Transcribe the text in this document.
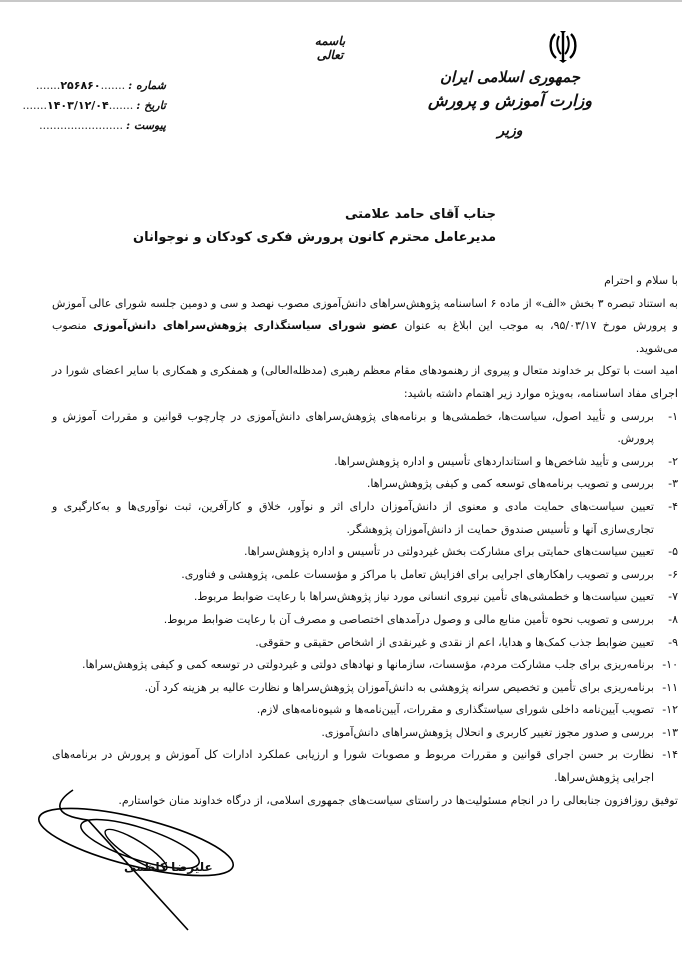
باسمه تعالی
جمهوری اسلامی ایران
وزارت آموزش و پرورش
وزیر
شماره :
.......
۲۵۶۸۶۰
.......
تاریخ :
.......
۱۴۰۳/۱۲/۰۴
.......
پیوست :
........................
جناب آقای حامد علامتی
مدیرعامل محترم کانون پرورش فکری کودکان و نوجوانان

با سلام و احترام

به استناد تبصره ۳ بخش «الف» از ماده ۶ اساسنامه پژوهش‌سراهای دانش‌آموزی مصوب نهصد و سی و دومین جلسه شورای عالی آموزش و پرورش مورخ ۹۵/۰۳/۱۷، به موجب این ابلاغ به عنوان عضو شورای سیاستگذاری پژوهش‌سراهای دانش‌آموزی منصوب می‌شوید.

امید است با توکل بر خداوند متعال و پیروی از رهنمودهای مقام معظم رهبری (مدظله‌العالی) و همفکری و همکاری با سایر اعضای شورا در اجرای مفاد اساسنامه، به‌ویژه موارد زیر اهتمام داشته باشید:

۱-
بررسی و تأیید اصول، سیاست‌ها، خطمشی‌ها و برنامه‌های پژوهش‌سراهای دانش‌آموزی در چارچوب قوانین و مقررات آموزش و پرورش.
۲-
بررسی و تأیید شاخص‌ها و استانداردهای تأسیس و اداره پژوهش‌سراها.
۳-
بررسی و تصویب برنامه‌های توسعه کمی و کیفی پژوهش‌سراها.
۴-
تعیین سیاست‌های حمایت مادی و معنوی از دانش‌آموزان دارای اثر و نوآور، خلاق و کارآفرین، ثبت نوآوری‌ها و به‌کارگیری و تجاری‌سازی آنها و تأسیس صندوق حمایت از دانش‌آموزان پژوهشگر.
۵-
تعیین سیاست‌های حمایتی برای مشارکت بخش غیردولتی در تأسیس و اداره پژوهش‌سراها.
۶-
بررسی و تصویب راهکارهای اجرایی برای افزایش تعامل با مراکز و مؤسسات علمی، پژوهشی و فناوری.
۷-
تعیین سیاست‌ها و خطمشی‌های تأمین نیروی انسانی مورد نیاز پژوهش‌سراها با رعایت ضوابط مربوط.
۸-
بررسی و تصویب نحوه تأمین منابع مالی و وصول درآمدهای اختصاصی و مصرف آن با رعایت ضوابط مربوط.
۹-
تعیین ضوابط جذب کمک‌ها و هدایا، اعم از نقدی و غیرنقدی از اشخاص حقیقی و حقوقی.
۱۰-
برنامه‌ریزی برای جلب مشارکت مردم، مؤسسات، سازمانها و نهادهای دولتی و غیردولتی در توسعه کمی و کیفی پژوهش‌سراها.
۱۱-
برنامه‌ریزی برای تأمین و تخصیص سرانه پژوهشی به دانش‌آموزان پژوهش‌سراها و نظارت عالیه بر هزینه کرد آن.
۱۲-
تصویب آیین‌نامه داخلی شورای سیاستگذاری و مقررات، آیین‌نامه‌ها و شیوه‌نامه‌های لازم.
۱۳-
بررسی و صدور مجوز تغییر کاربری و انحلال پژوهش‌سراهای دانش‌آموزی.
۱۴-
نظارت بر حسن اجرای قوانین و مقررات مربوط و مصوبات شورا و ارزیابی عملکرد ادارات کل آموزش و پرورش در برنامه‌های اجرایی پژوهش‌سراها.

توفیق روزافزون جنابعالی را در انجام مسئولیت‌ها در راستای سیاست‌های جمهوری اسلامی، از درگاه خداوند منان خواستارم.

علیرضا کاظمی
